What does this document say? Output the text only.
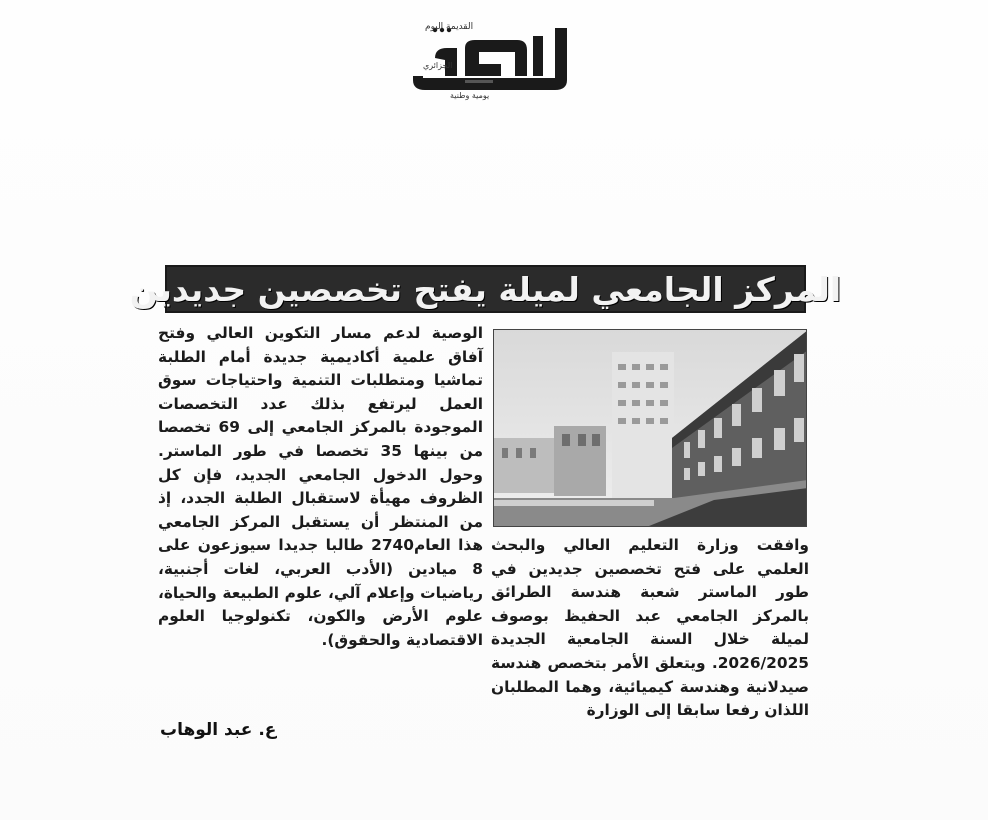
القديمة اليوم
الجزائري
يومية وطنية
المركز الجامعي لميلة يفتح تخصصين جديدين

الوصية لدعم مسار التكوين العالي وفتح آفاق علمية أكاديمية جديدة أمام الطلبة تماشيا ومتطلبات التنمية واحتياجات سوق العمل ليرتفع بذلك عدد التخصصات الموجودة بالمركز الجامعي إلى 69 تخصصا من بينها 35 تخصصا في طور الماستر. وحول الدخول الجامعي الجديد، فإن كل الظروف مهيأة لاستقبال الطلبة الجدد، إذ من المنتظر أن يستقبل المركز الجامعي هذا العام2740 طالبا جديدا سيوزعون على 8 ميادين (الأدب العربي، لغات أجنبية، رياضيات وإعلام آلي، علوم الطبيعة والحياة، علوم الأرض والكون، تكنولوجيا العلوم الاقتصادية والحقوق).

وافقت وزارة التعليم العالي والبحث العلمي على فتح تخصصين جديدين في طور الماستر شعبة هندسة الطرائق بالمركز الجامعي عبد الحفيظ بوصوف لميلة خلال السنة الجامعية الجديدة 2026/2025. ويتعلق الأمر بتخصص هندسة صيدلانية وهندسة كيميائية، وهما المطلبان اللذان رفعا سابقا إلى الوزارة

ع. عبد الوهاب
